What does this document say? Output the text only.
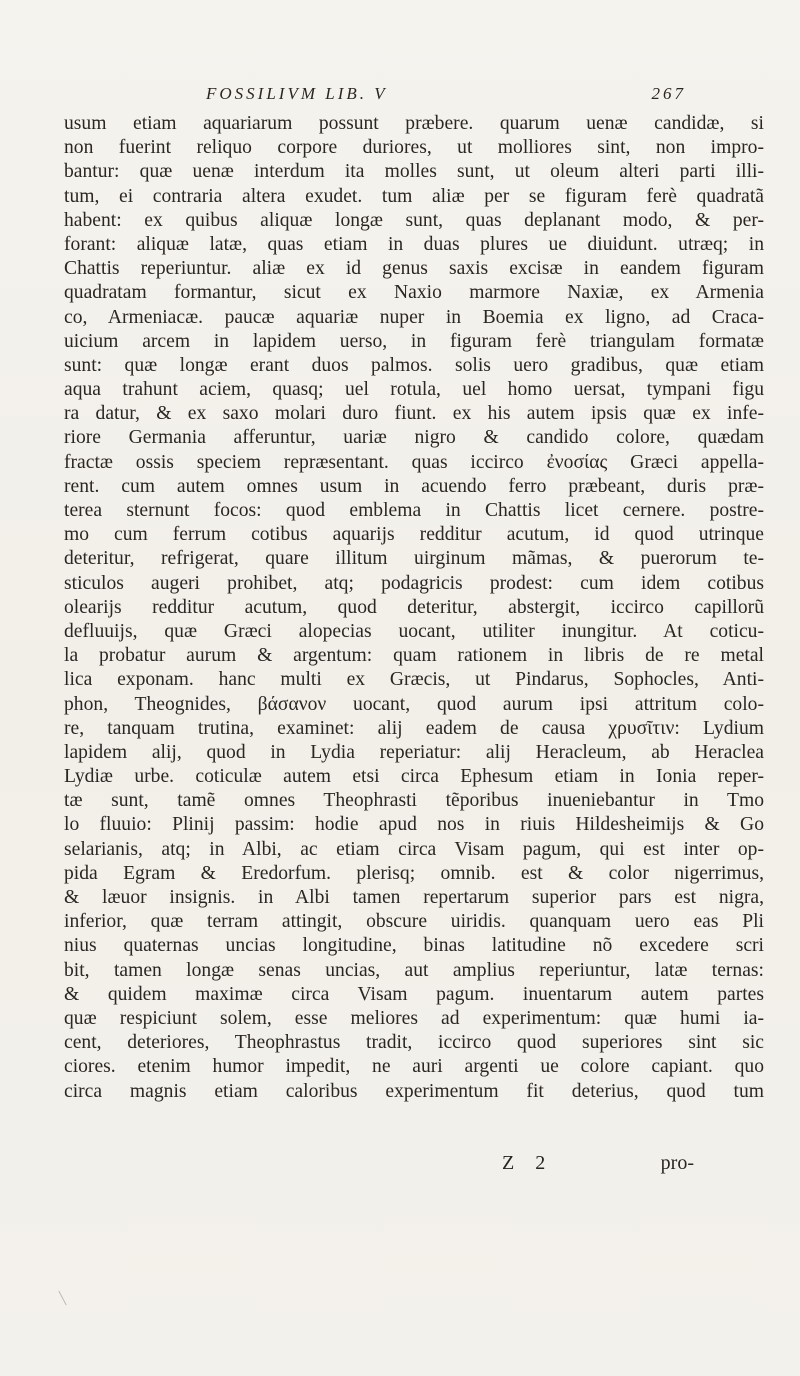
FOSSILIVM LIB. V	267
usum etiam aquariarum possunt præbere. quarum uenæ candidæ, si
non fuerint reliquo corpore duriores, ut molliores sint, non impro-
bantur: quæ uenæ interdum ita molles sunt, ut oleum alteri parti illi-
tum, ei contraria altera exudet. tum aliæ per se figuram ferè quadratã
habent: ex quibus aliquæ longæ sunt, quas deplanant modo, & per-
forant: aliquæ latæ, quas etiam in duas plures ue diuidunt. utræq; in
Chattis reperiuntur. aliæ ex id genus saxis excisæ in eandem figuram
quadratam formantur, sicut ex Naxio marmore Naxiæ, ex Armenia
co, Armeniacæ. paucæ aquariæ nuper in Boemia ex ligno, ad Craca-
uicium arcem in lapidem uerso, in figuram ferè triangulam formatæ
sunt: quæ longæ erant duos palmos. solis uero gradibus, quæ etiam
aqua trahunt aciem, quasq; uel rotula, uel homo uersat, tympani figu
ra datur, & ex saxo molari duro fiunt. ex his autem ipsis quæ ex infe-
riore Germania afferuntur, uariæ nigro & candido colore, quædam
fractæ ossis speciem repræsentant. quas iccirco ἐνοσίας Græci appella-
rent. cum autem omnes usum in acuendo ferro præbeant, duris præ-
terea sternunt focos: quod emblema in Chattis licet cernere. postre-
mo cum ferrum cotibus aquarijs redditur acutum, id quod utrinque
deteritur, refrigerat, quare illitum uirginum mãmas, & puerorum te-
sticulos augeri prohibet, atq; podagricis prodest: cum idem cotibus
olearijs redditur acutum, quod deteritur, abstergit, iccirco capillorũ
defluuijs, quæ Græci alopecias uocant, utiliter inungitur. At coticu-
la probatur aurum & argentum: quam rationem in libris de re metal
lica exponam. hanc multi ex Græcis, ut Pindarus, Sophocles, Anti-
phon, Theognides, βάσανον uocant, quod aurum ipsi attritum colo-
re, tanquam trutina, examinet: alij eadem de causa χρυσῖτιν: Lydium
lapidem alij, quod in Lydia reperiatur: alij Heracleum, ab Heraclea
Lydiæ urbe. coticulæ autem etsi circa Ephesum etiam in Ionia reper-
tæ sunt, tamẽ omnes Theophrasti tẽporibus inueniebantur in Tmo
lo fluuio: Plinij passim: hodie apud nos in riuis Hildesheimijs & Go
selarianis, atq; in Albi, ac etiam circa Visam pagum, qui est inter op-
pida Egram & Eredorfum. plerisq; omnib. est & color nigerrimus,
& læuor insignis. in Albi tamen repertarum superior pars est nigra,
inferior, quæ terram attingit, obscure uiridis. quanquam uero eas Pli
nius quaternas uncias longitudine, binas latitudine nõ excedere scri
bit, tamen longæ senas uncias, aut amplius reperiuntur, latæ ternas:
& quidem maximæ circa Visam pagum. inuentarum autem partes
quæ respiciunt solem, esse meliores ad experimentum: quæ humi ia-
cent, deteriores, Theophrastus tradit, iccirco quod superiores sint sic
ciores. etenim humor impedit, ne auri argenti ue colore capiant. quo
circa magnis etiam caloribus experimentum fit deterius, quod tum
Z 2	pro-
